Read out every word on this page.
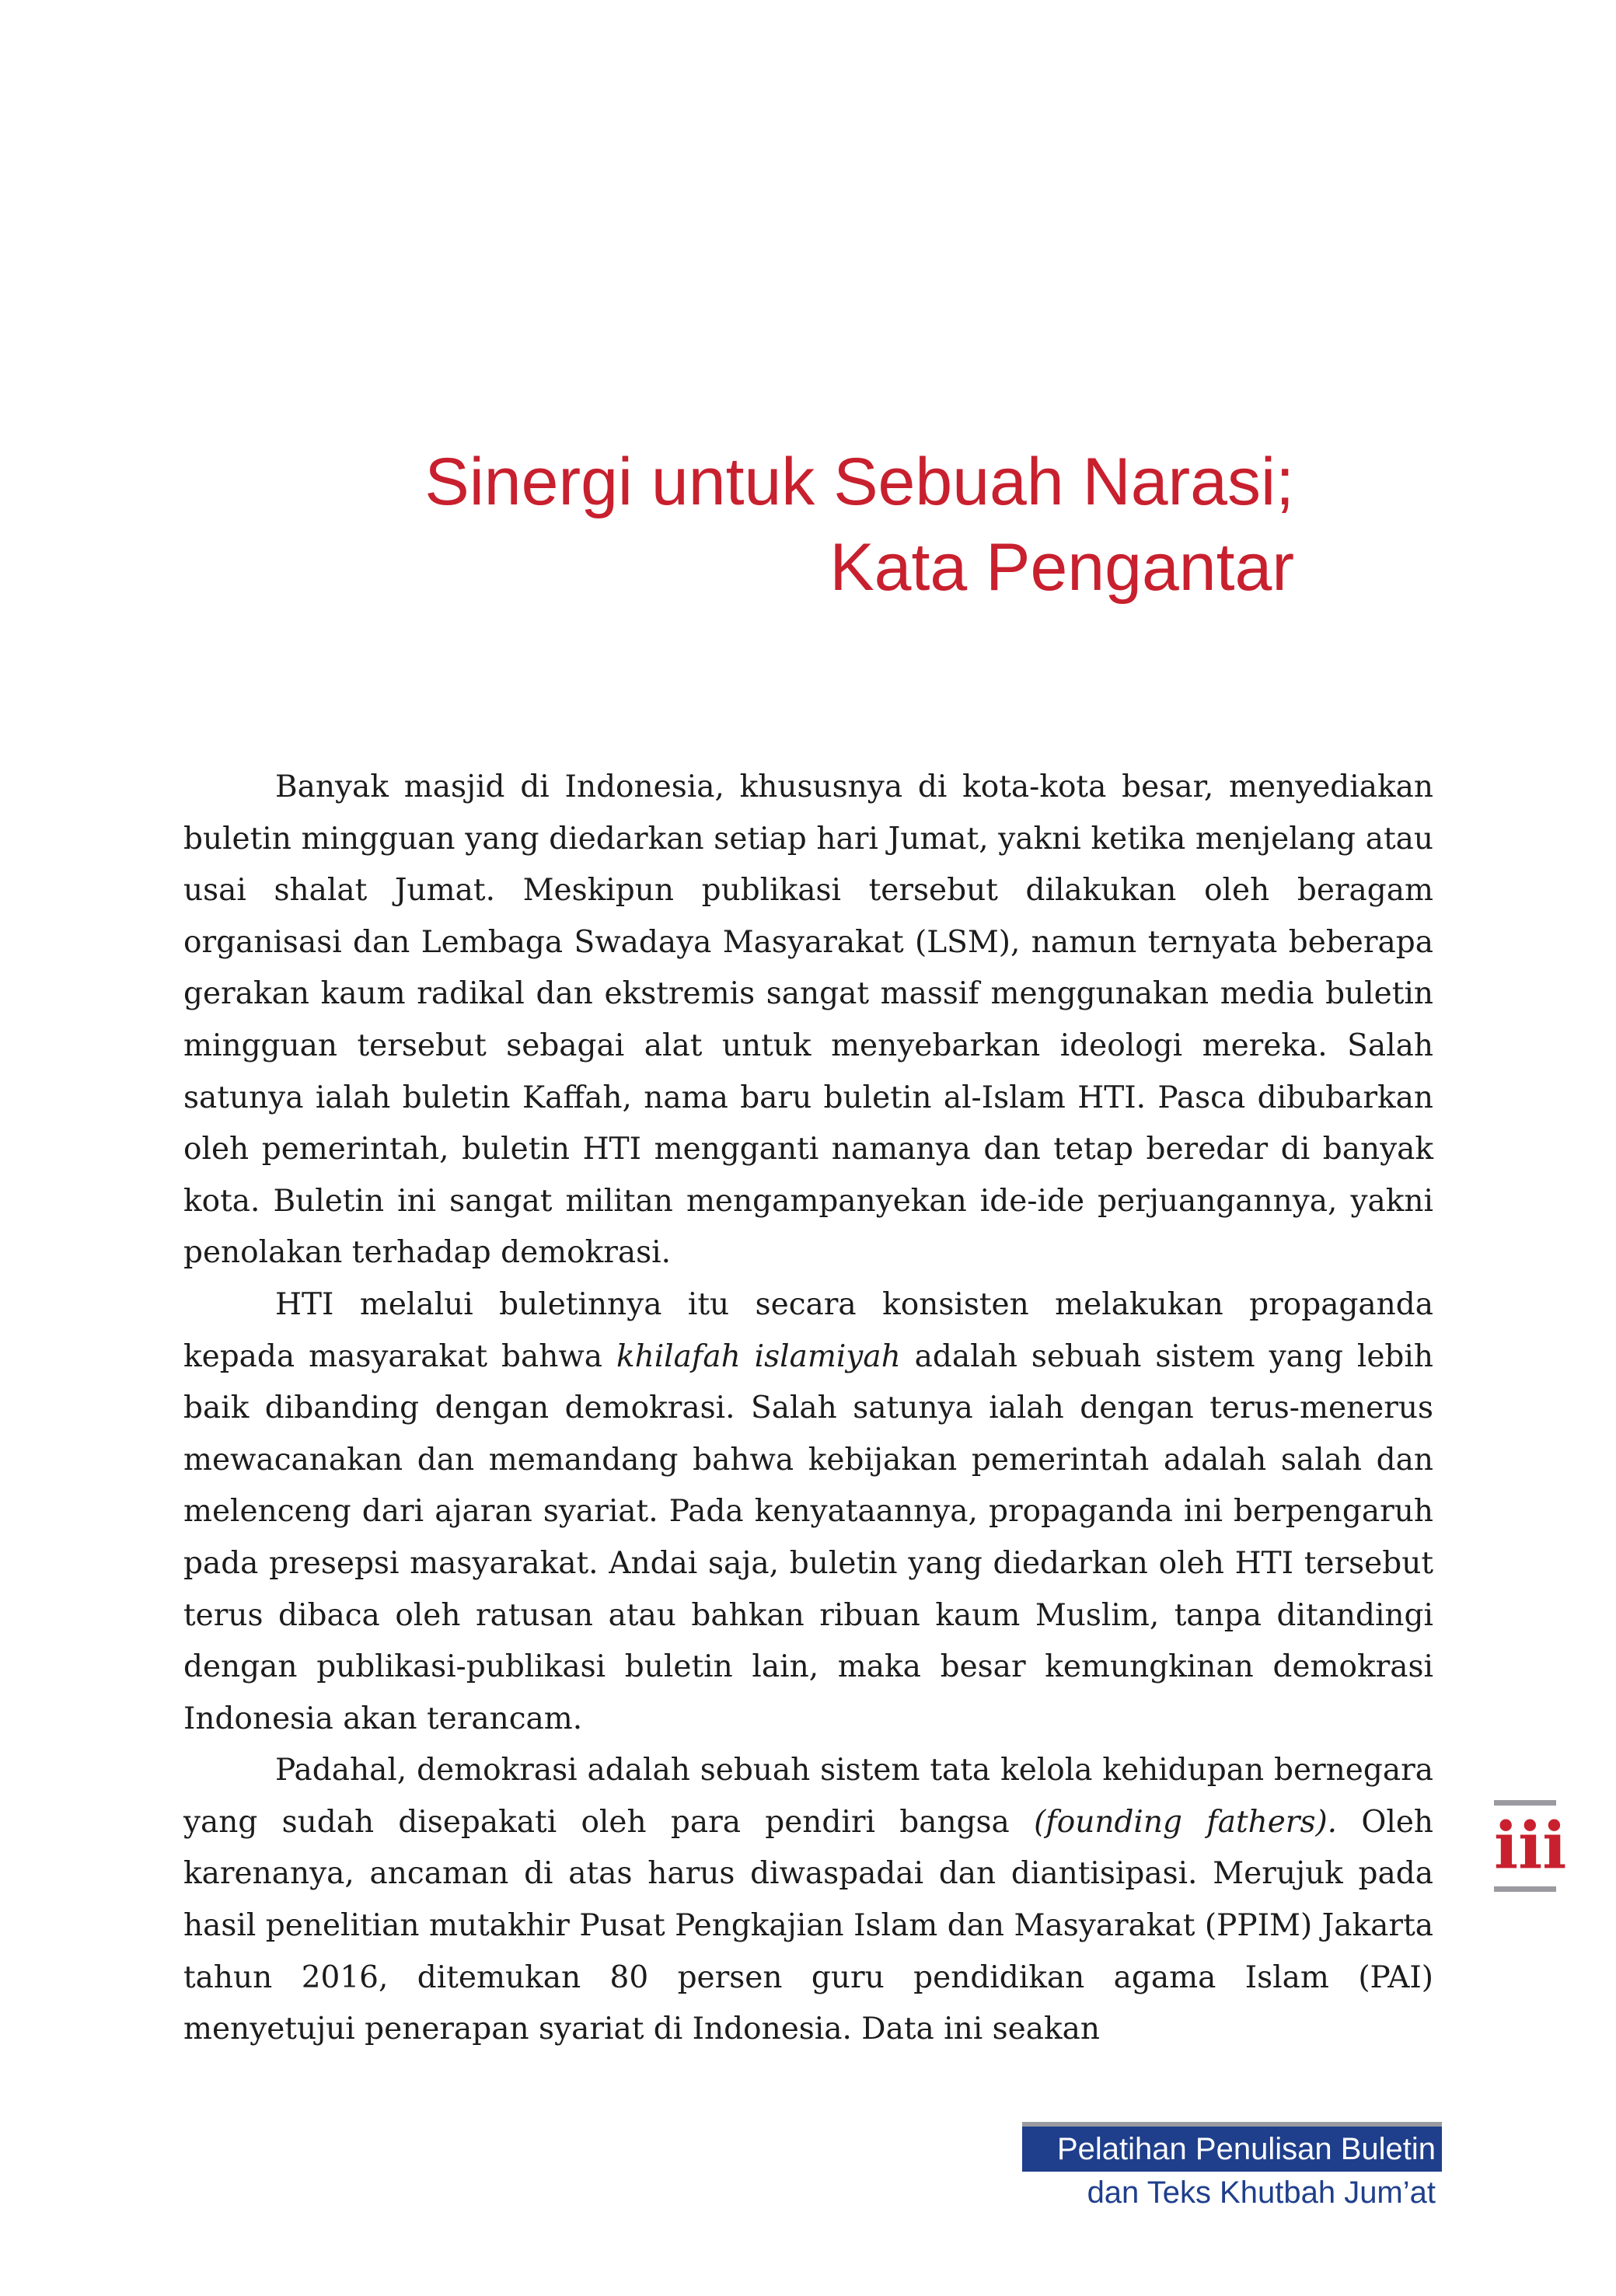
Sinergi untuk Sebuah Narasi;
Kata Pengantar

Banyak masjid di Indonesia, khususnya di kota-kota besar, menyediakan buletin mingguan yang diedarkan setiap hari Jumat, yakni ketika menjelang atau usai shalat Jumat. Meskipun publikasi tersebut dilakukan oleh beragam organisasi dan Lembaga Swadaya Masyarakat (LSM), namun ternyata beberapa gerakan kaum radikal dan ekstremis sangat massif menggunakan media buletin mingguan tersebut sebagai alat untuk menyebarkan ideologi mereka. Salah satunya ialah buletin Kaffah, nama baru buletin al-Islam HTI. Pasca dibubarkan oleh pemerintah, buletin HTI mengganti namanya dan tetap beredar di banyak kota. Buletin ini sangat militan mengampanyekan ide-ide perjuangannya, yakni penolakan terhadap demokrasi.

HTI melalui buletinnya itu secara konsisten melakukan propaganda kepada masyarakat bahwa khilafah islamiyah adalah sebuah sistem yang lebih baik dibanding dengan demokrasi. Salah satunya ialah dengan terus-menerus mewacanakan dan memandang bahwa kebijakan pemerintah adalah salah dan melenceng dari ajaran syariat. Pada kenyataannya, propaganda ini berpengaruh pada presepsi masyarakat. Andai saja, buletin yang diedarkan oleh HTI tersebut terus dibaca oleh ratusan atau bahkan ribuan kaum Muslim, tanpa ditandingi dengan publikasi-publikasi buletin lain, maka besar kemungkinan demokrasi Indonesia akan terancam.

Padahal, demokrasi adalah sebuah sistem tata kelola kehidupan bernegara yang sudah disepakati oleh para pendiri bangsa (founding fathers). Oleh karenanya, ancaman di atas harus diwaspadai dan diantisipasi. Merujuk pada hasil penelitian mutakhir Pusat Pengkajian Islam dan Masyarakat (PPIM) Jakarta tahun 2016, ditemukan 80 persen guru pendidikan agama Islam (PAI) menyetujui penerapan syariat di Indonesia. Data ini seakan

iii
Pelatihan Penulisan Buletin
dan Teks Khutbah Jum’at
